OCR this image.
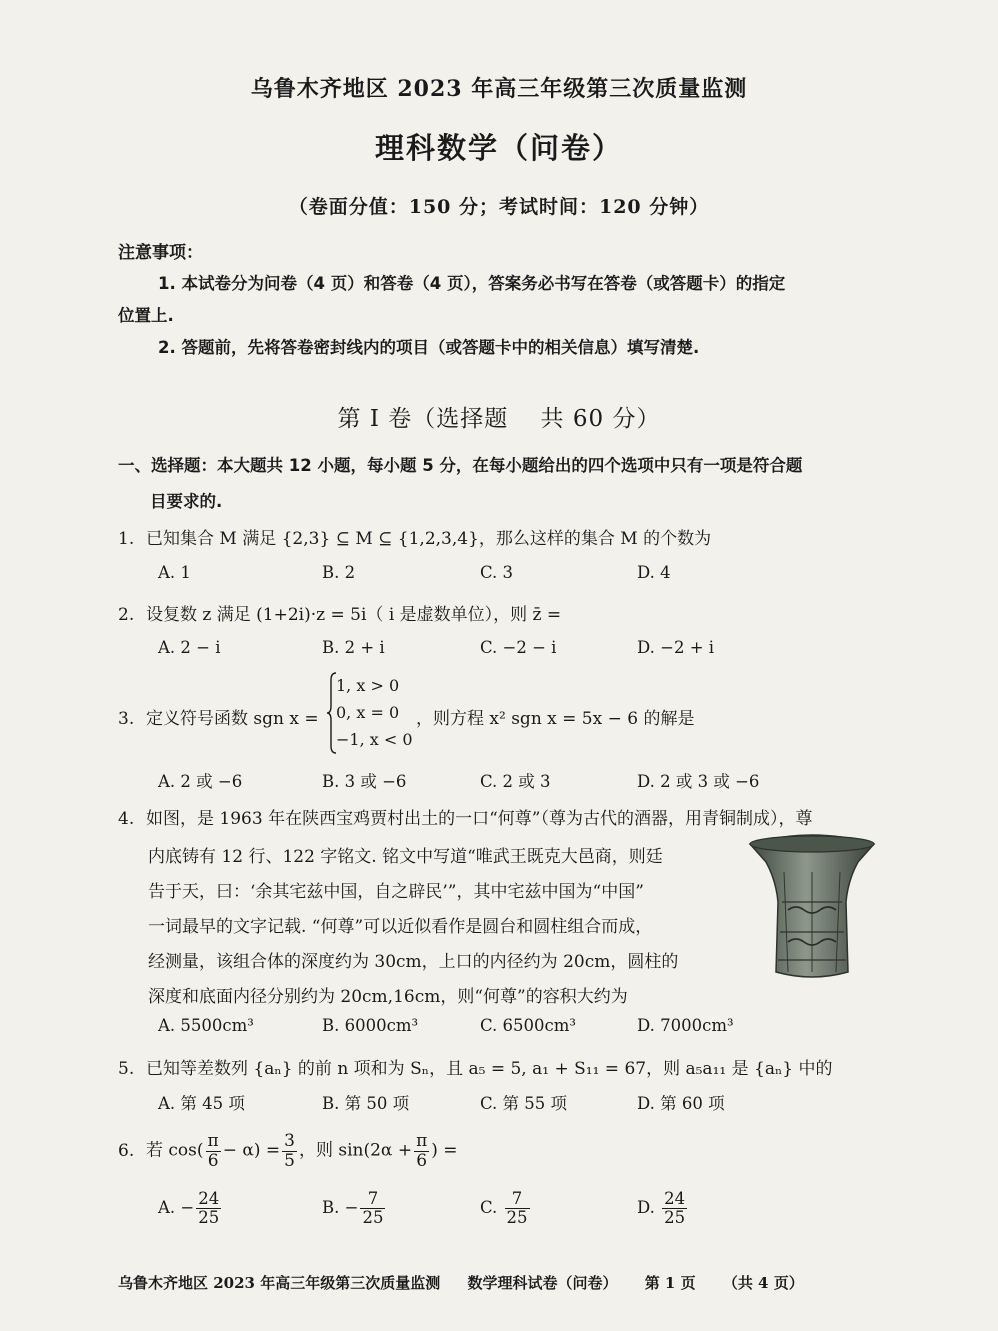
乌鲁木齐地区 2023 年高三年级第三次质量监测
理科数学（问卷）
（卷面分值：150 分；考试时间：120 分钟）
注意事项：
1. 本试卷分为问卷（4 页）和答卷（4 页），答案务必书写在答卷（或答题卡）的指定
位置上.
2. 答题前，先将答卷密封线内的项目（或答题卡中的相关信息）填写清楚.
第 I 卷（选择题　 共 60 分）
一、选择题：本大题共 12 小题，每小题 5 分，在每小题给出的四个选项中只有一项是符合题
目要求的.
1. 已知集合 M 满足 {2,3} ⊆ M ⊆ {1,2,3,4}，那么这样的集合 M 的个数为
A. 1	B. 2	C. 3	D. 4
2. 设复数 z 满足 (1+2i)·z = 5i（ i 是虚数单位），则 z̄ =
A. 2 − i	B. 2 + i	C. −2 − i	D. −2 + i
3. 定义符号函数 sgn x =
1, x > 0
0, x = 0
−1, x < 0
，则方程 x² sgn x = 5x − 6 的解是
A. 2 或 −6	B. 3 或 −6	C. 2 或 3	D. 2 或 3 或 −6
4. 如图，是 1963 年在陕西宝鸡贾村出土的一口“何尊”（尊为古代的酒器，用青铜制成），尊
内底铸有 12 行、122 字铭文. 铭文中写道“唯武王既克大邑商，则廷
告于天，曰：‘余其宅兹中国，自之辟民’”，其中宅兹中国为“中国”
一词最早的文字记载. “何尊”可以近似看作是圆台和圆柱组合而成，
经测量，该组合体的深度约为 30cm，上口的内径约为 20cm，圆柱的
深度和底面内径分别约为 20cm,16cm，则“何尊”的容积大约为
A. 5500cm³	B. 6000cm³	C. 6500cm³	D. 7000cm³
5. 已知等差数列 {aₙ} 的前 n 项和为 Sₙ，且 a₅ = 5, a₁ + S₁₁ = 67，则 a₅a₁₁ 是 {aₙ} 中的
A. 第 45 项	B. 第 50 项	C. 第 55 项	D. 第 60 项
6. 若 $\cos( \frac{\pi}{6} - \alpha) = \frac{3}{5}$ ，则 $\sin(2\alpha + \frac{\pi}{6}$ ) =
A. − $\frac{24}{25}$	B. − $\frac{7}{25}$	C. $\frac{7}{25}$	D. $\frac{24}{25}$
乌鲁木齐地区 2023 年高三年级第三次质量监测 数学理科试卷（问卷） 第 1 页 （共 4 页）
